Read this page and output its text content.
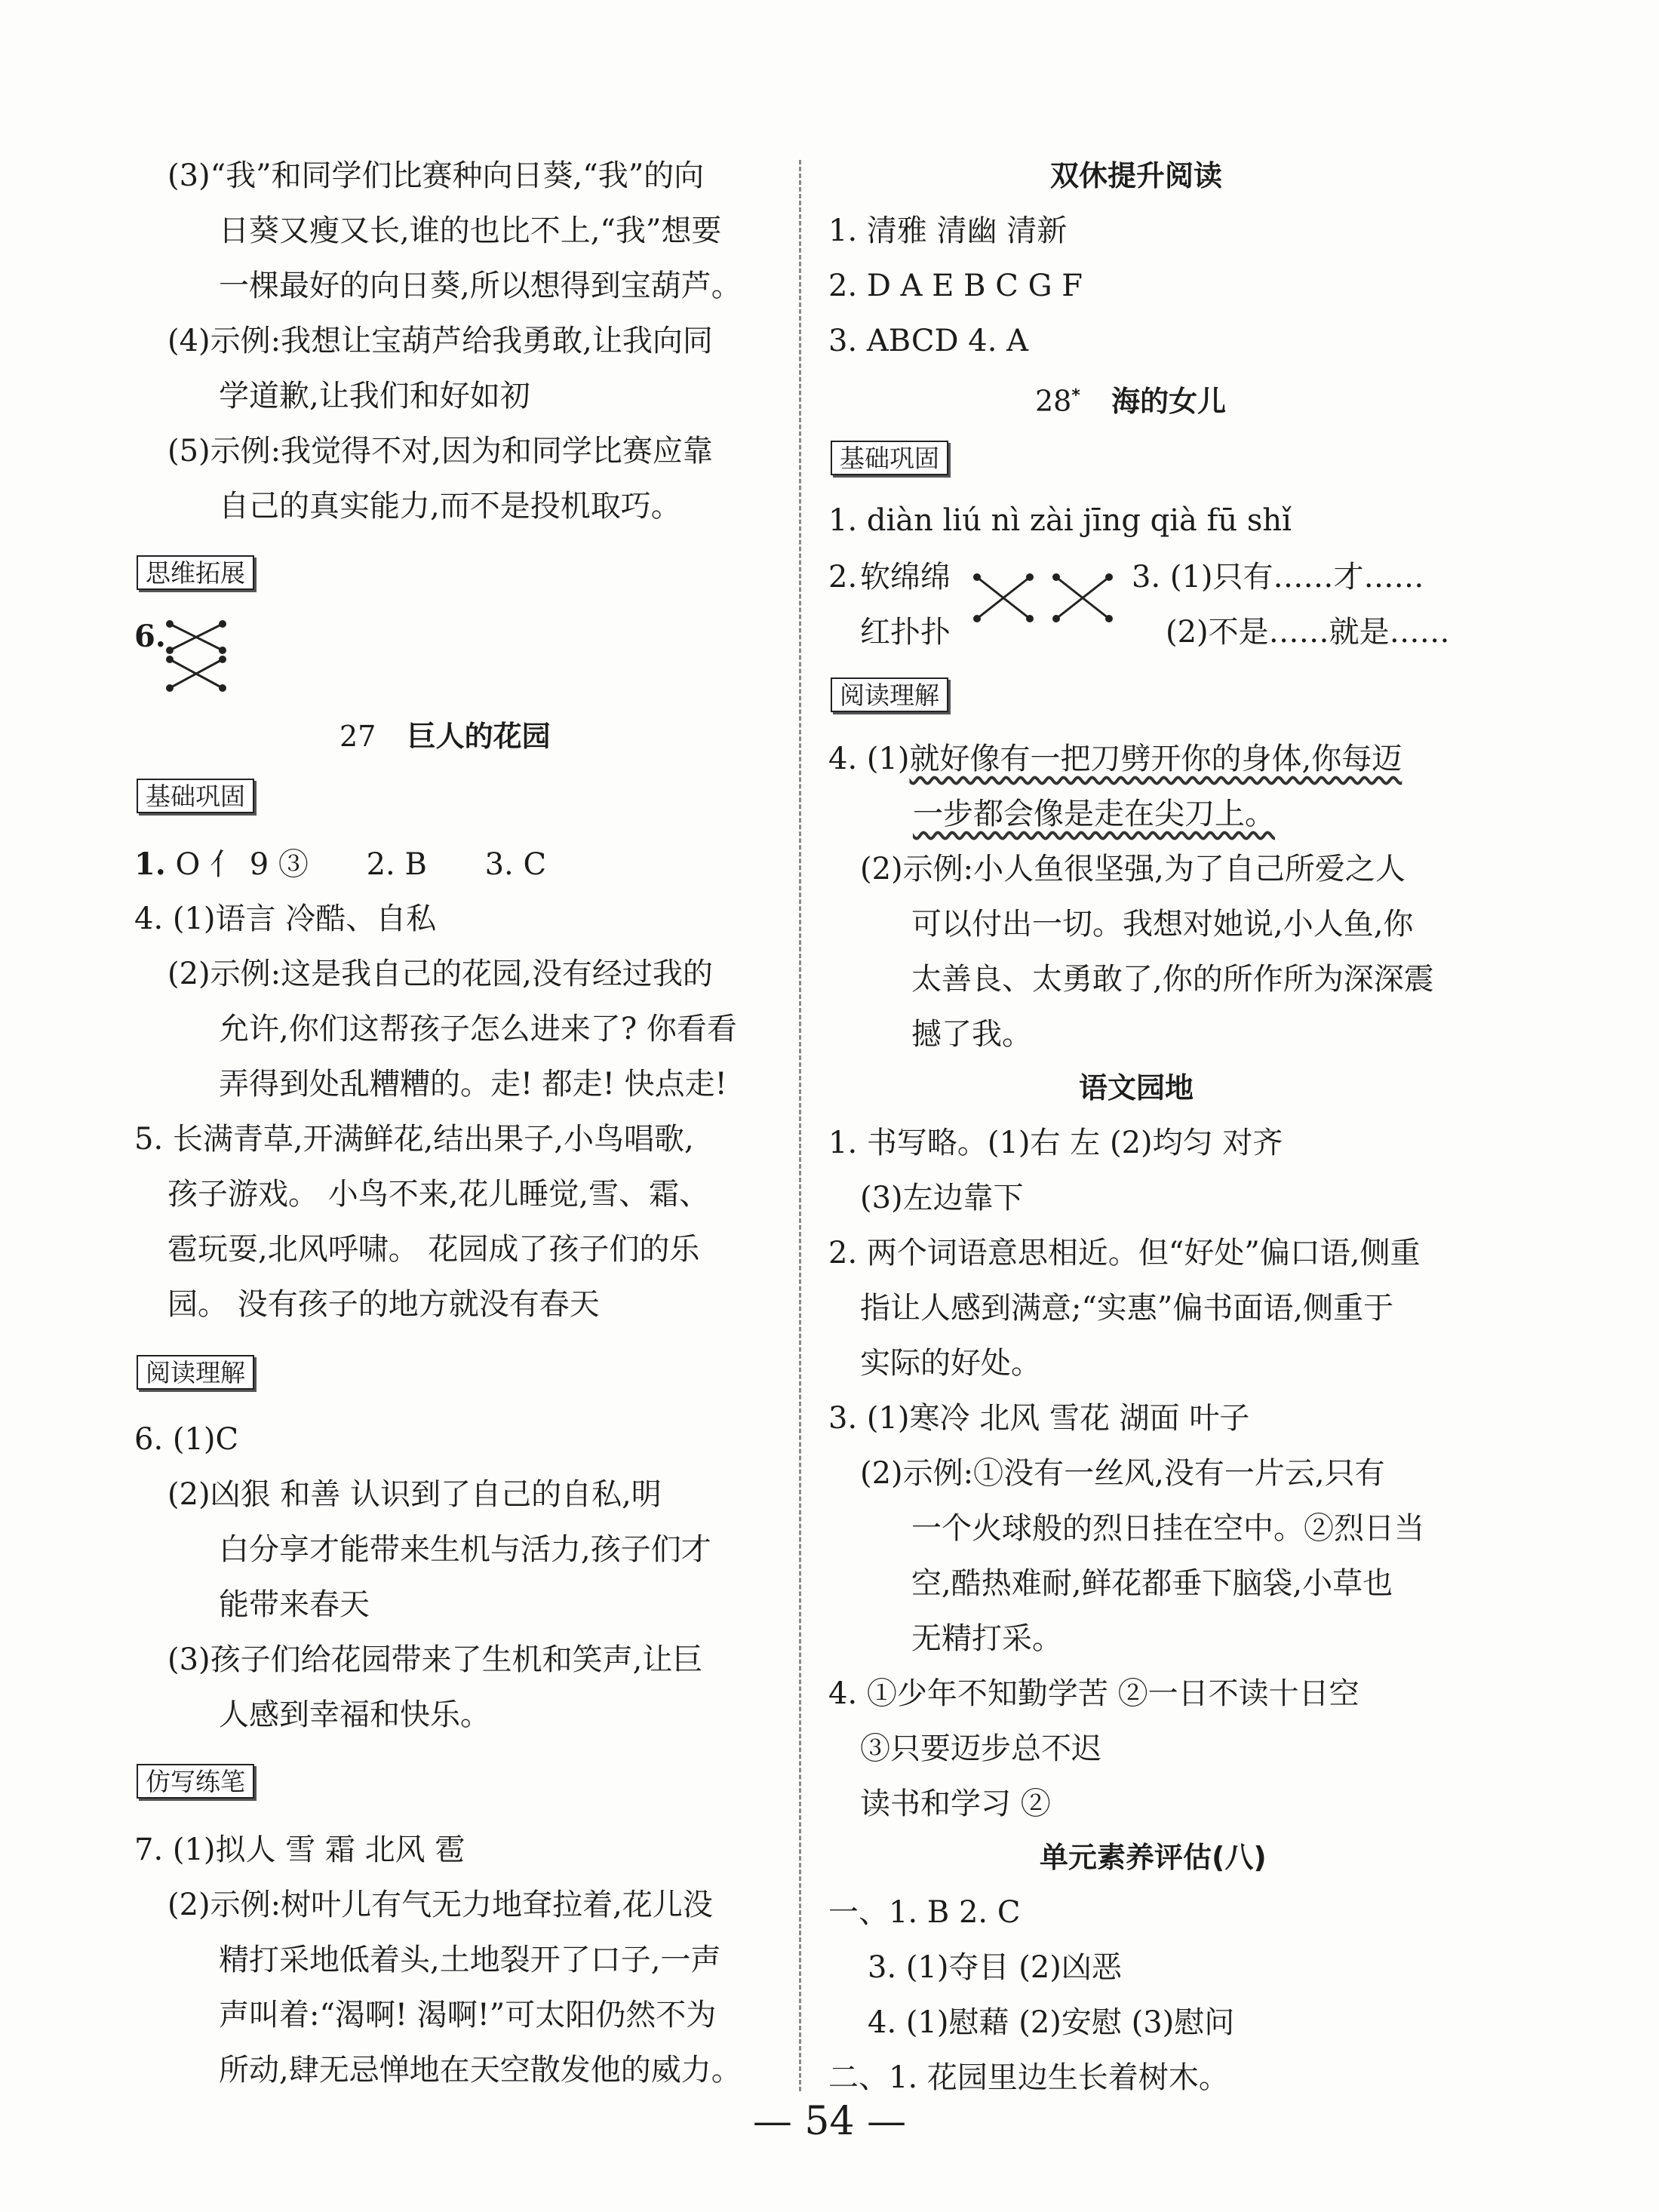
(3)“我”和同学们比赛种向日葵,“我”的向
日葵又瘦又长,谁的也比不上,“我”想要
一棵最好的向日葵,所以想得到宝葫芦。
(4)示例:我想让宝葫芦给我勇敢,让我向同
学道歉,让我们和好如初
(5)示例:我觉得不对,因为和同学比赛应靠
自己的真实能力,而不是投机取巧。
思维拓展
6.
27 巨人的花园
基础巩固
1. O 亻 9 ③ 2. B 3. C
4. (1)语言 冷酷、自私
(2)示例:这是我自己的花园,没有经过我的
允许,你们这帮孩子怎么进来了? 你看看
弄得到处乱糟糟的。走! 都走! 快点走!
5. 长满青草,开满鲜花,结出果子,小鸟唱歌,
孩子游戏。 小鸟不来,花儿睡觉,雪、霜、
雹玩耍,北风呼啸。 花园成了孩子们的乐
园。 没有孩子的地方就没有春天
阅读理解
6. (1)C
(2)凶狠 和善 认识到了自己的自私,明
白分享才能带来生机与活力,孩子们才
能带来春天
(3)孩子们给花园带来了生机和笑声,让巨
人感到幸福和快乐。
仿写练笔
7. (1)拟人 雪 霜 北风 雹
(2)示例:树叶儿有气无力地耷拉着,花儿没
精打采地低着头,土地裂开了口子,一声
声叫着:“渴啊! 渴啊!”可太阳仍然不为
所动,肆无忌惮地在天空散发他的威力。
双休提升阅读
1. 清雅 清幽 清新
2. D A E B C G F
3. ABCD 4. A
28* 海的女儿
基础巩固
1. diàn liú nì zài jīng qià fū shǐ
2. 软绵绵
红扑扑
3. (1)只有……才……
(2)不是……就是……
阅读理解
4. (1)就好像有一把刀劈开你的身体,你每迈
一步都会像是走在尖刀上。
(2)示例:小人鱼很坚强,为了自己所爱之人
可以付出一切。我想对她说,小人鱼,你
太善良、太勇敢了,你的所作所为深深震
撼了我。
语文园地
1. 书写略。(1)右 左 (2)均匀 对齐
(3)左边靠下
2. 两个词语意思相近。但“好处”偏口语,侧重
指让人感到满意;“实惠”偏书面语,侧重于
实际的好处。
3. (1)寒冷 北风 雪花 湖面 叶子
(2)示例:①没有一丝风,没有一片云,只有
一个火球般的烈日挂在空中。②烈日当
空,酷热难耐,鲜花都垂下脑袋,小草也
无精打采。
4. ①少年不知勤学苦 ②一日不读十日空
③只要迈步总不迟
读书和学习 ②
单元素养评估(八)
一、1. B 2. C
3. (1)夺目 (2)凶恶
4. (1)慰藉 (2)安慰 (3)慰问
二、1. 花园里边生长着树木。
— 54 —
